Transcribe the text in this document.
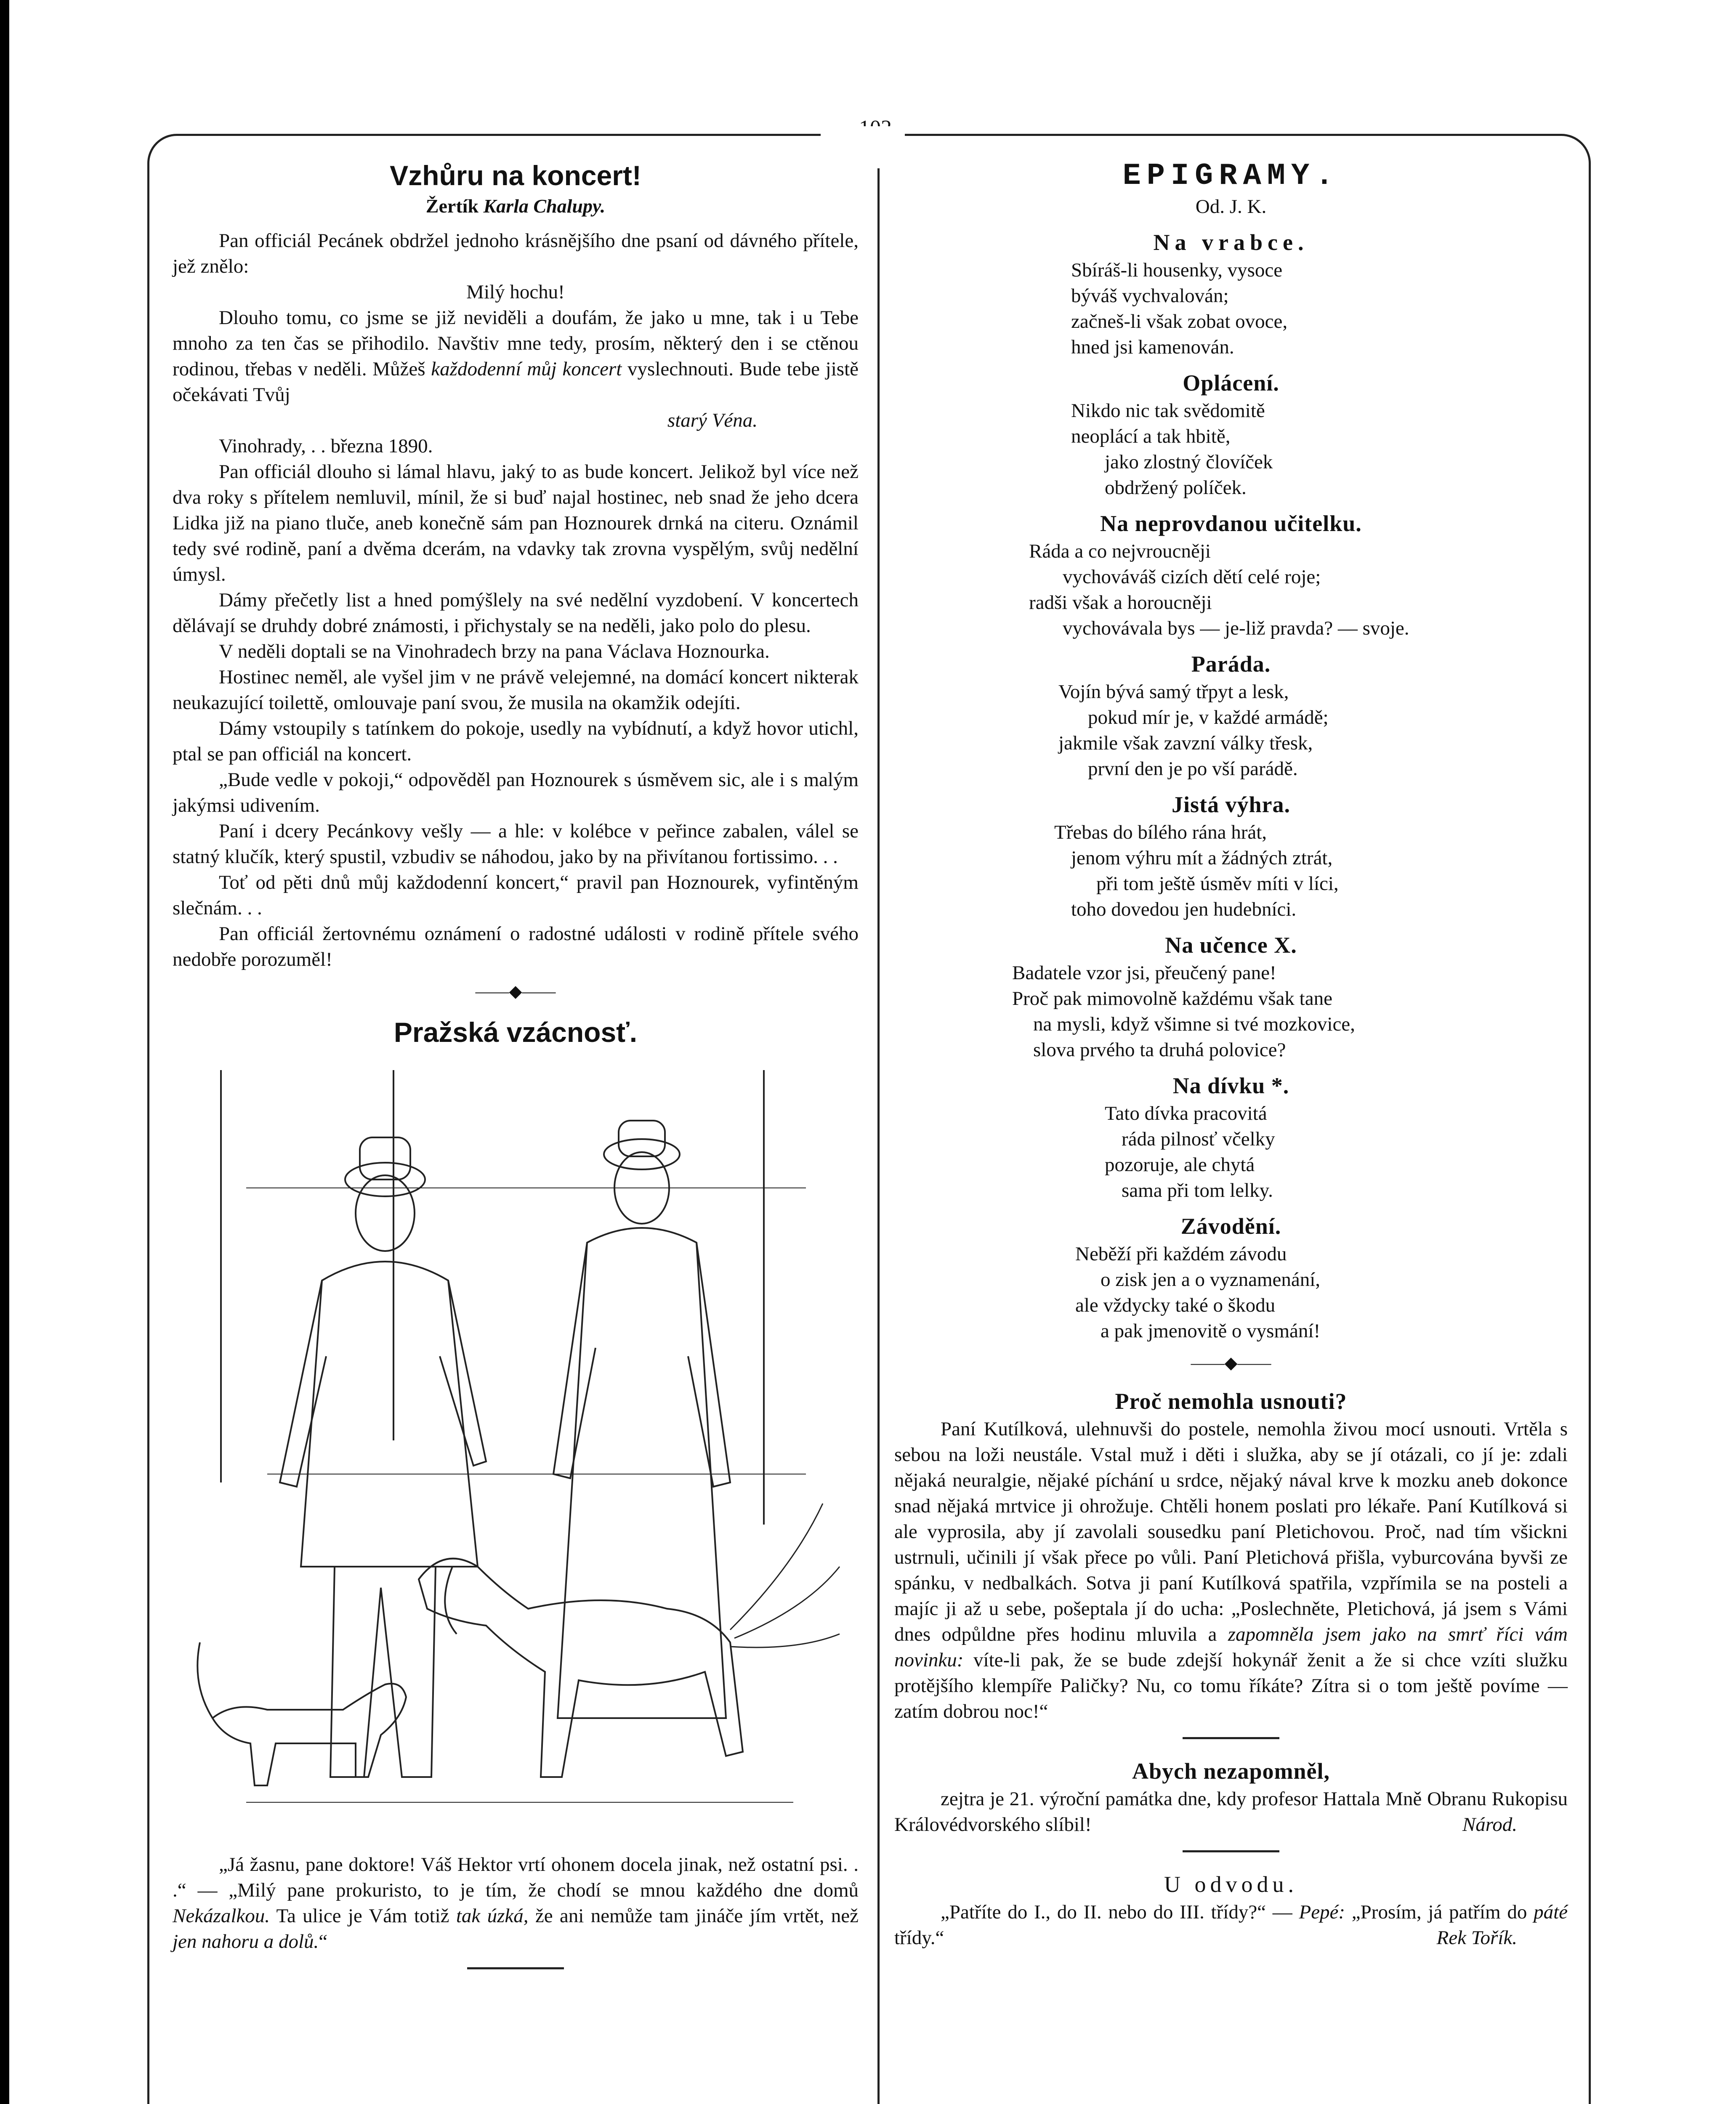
Vzhůru na koncert!
Žertík Karla Chalupy.

Pan officiál Pecánek obdržel jednoho krásnějšího dne psaní od dávného přítele, jež znělo:

Milý hochu!

Dlouho tomu, co jsme se již neviděli a doufám, že jako u mne, tak i u Tebe mnoho za ten čas se přihodilo. Navštiv mne tedy, prosím, některý den i se ctěnou rodinou, třebas v neděli. Můžeš každodenní můj koncert vyslechnouti. Bude tebe jistě očekávati Tvůj

starý Véna.

Vinohrady, . . března 1890.

Pan officiál dlouho si lámal hlavu, jaký to as bude koncert. Jelikož byl více než dva roky s přítelem nemluvil, mínil, že si buď najal hostinec, neb snad že jeho dcera Lidka již na piano tluče, aneb konečně sám pan Hoznourek drnká na citeru. Oznámil tedy své rodině, paní a dvěma dcerám, na vdavky tak zrovna vyspělým, svůj nedělní úmysl.

Dámy přečetly list a hned pomýšlely na své nedělní vyzdobení. V koncertech dělávají se druhdy dobré známosti, i přichystaly se na neděli, jako polo do plesu.

V neděli doptali se na Vinohradech brzy na pana Václava Hoznourka.

Hostinec neměl, ale vyšel jim v ne právě velejemné, na domácí koncert nikterak neukazující toilettě, omlouvaje paní svou, že musila na okamžik odejíti.

Dámy vstoupily s tatínkem do pokoje, usedly na vybídnutí, a když hovor utichl, ptal se pan officiál na koncert.

„Bude vedle v pokoji,“ odpověděl pan Hoznourek s úsměvem sic, ale i s malým jakýmsi udivením.

Paní i dcery Pecánkovy vešly — a hle: v kolébce v peřince zabalen, válel se statný klučík, který spustil, vzbudiv se náhodou, jako by na přivítanou fortissimo. . .

Toť od pěti dnů můj každodenní koncert,“ pravil pan Hoznourek, vyfintěným slečnám. . .

Pan officiál žertovnému oznámení o radostné události v rodině přítele svého nedobře porozuměl!

——◆——
Pražská vzácnosť.

„Já žasnu, pane doktore! Váš Hektor vrtí ohonem docela jinak, než ostatní psi. . .“ — „Milý pane prokuristo, to je tím, že chodí se mnou každého dne domů Nekázalkou. Ta ulice je Vám totiž tak úzká, že ani nemůže tam jináče jím vrtět, než jen nahoru a dolů.“

EPIGRAMY.

Od. J. K.

Na vrabce.

Sbíráš-li housenky, vysoce

býváš vychvalován;

začneš-li však zobat ovoce,

hned jsi kamenován.

Oplácení.

Nikdo nic tak svědomitě

neoplácí a tak hbitě,

jako zlostný človíček

obdržený políček.

Na neprovdanou učitelku.

Ráda a co nejvroucněji

vychováváš cizích dětí celé roje;

radši však a horoucněji

vychovávala bys — je-liž pravda? — svoje.

Paráda.

Vojín bývá samý třpyt a lesk,

pokud mír je, v každé armádě;

jakmile však zavzní války třesk,

první den je po vší parádě.

Jistá výhra.

Třebas do bílého rána hrát,

jenom výhru mít a žádných ztrát,

při tom ještě úsměv míti v líci,

toho dovedou jen hudebníci.

Na učence X.

Badatele vzor jsi, přeučený pane!

Proč pak mimovolně každému však tane

na mysli, když všimne si tvé mozkovice,

slova prvého ta druhá polovice?

Na dívku *.

Tato dívka pracovitá

ráda pilnosť včelky

pozoruje, ale chytá

sama při tom lelky.

Závodění.

Neběží při každém závodu

o zisk jen a o vyznamenání,

ale vždycky také o škodu

a pak jmenovitě o vysmání!

——◆——
Proč nemohla usnouti?

Paní Kutílková, ulehnuvši do postele, nemohla živou mocí usnouti. Vrtěla s sebou na loži neustále. Vstal muž i děti i služka, aby se jí otázali, co jí je: zdali nějaká neuralgie, nějaké píchání u srdce, nějaký nával krve k mozku aneb dokonce snad nějaká mrtvice ji ohrožuje. Chtěli honem poslati pro lékaře. Paní Kutílková si ale vyprosila, aby jí zavolali sousedku paní Pletichovou. Proč, nad tím všickni ustrnuli, učinili jí však přece po vůli. Paní Pletichová přišla, vyburcována byvši ze spánku, v nedbalkách. Sotva ji paní Kutílková spatřila, vzpřímila se na posteli a majíc ji až u sebe, pošeptala jí do ucha: „Poslechněte, Pletichová, já jsem s Vámi dnes odpůldne přes hodinu mluvila a zapomněla jsem jako na smrť říci vám novinku: víte-li pak, že se bude zdejší hokynář ženit a že si chce vzíti služku protějšího klempíře Paličky? Nu, co tomu říkáte? Zítra si o tom ještě povíme — zatím dobrou noc!“

Abych nezapomněl,

zejtra je 21. výroční památka dne, kdy profesor Hattala Mně Obranu Rukopisu Královédvorského slíbil!	Národ.

U odvodu.

„Patříte do I., do II. nebo do III. třídy?“ — Pepé: „Prosím, já patřím do páté třídy.“	Rek Tořík.
